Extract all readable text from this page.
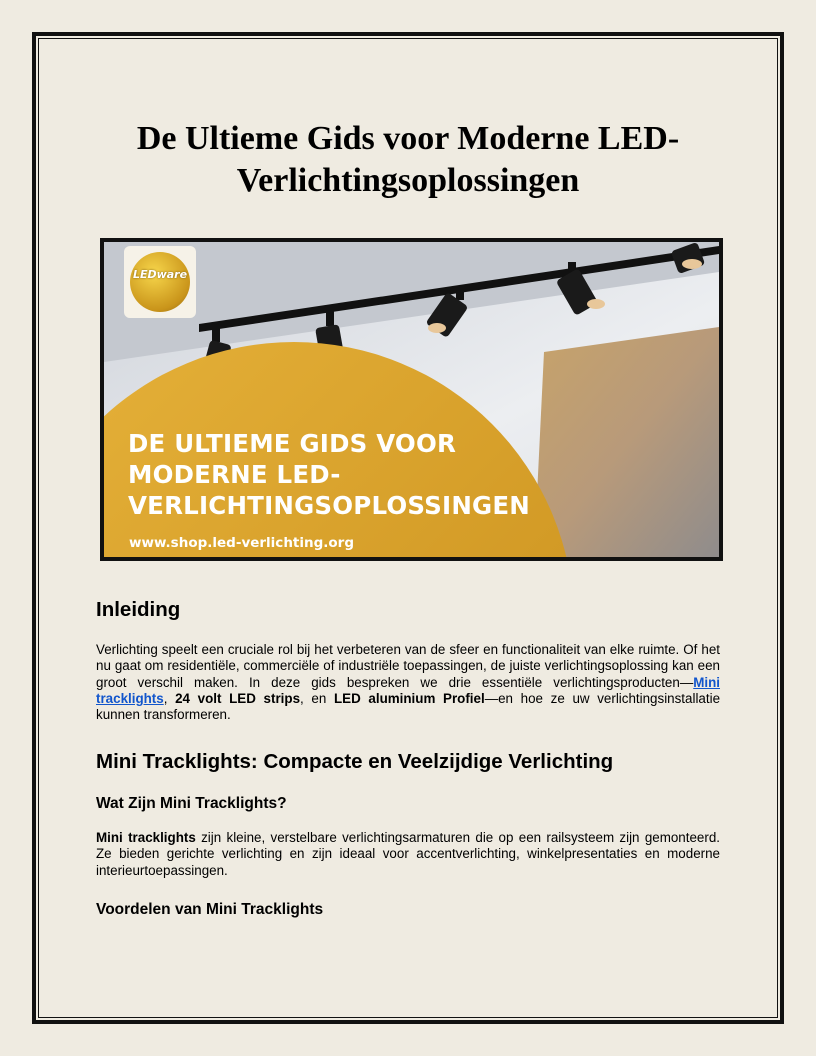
De Ultieme Gids voor Moderne LED-Verlichtingsoplossingen
LEDware

DE ULTIEME GIDS VOOR
MODERNE LED-
VERLICHTINGSOPLOSSINGEN

www.shop.led-verlichting.org
Inleiding

Verlichting speelt een cruciale rol bij het verbeteren van de sfeer en functionaliteit van elke ruimte. Of het nu gaat om residentiële, commerciële of industriële toepassingen, de juiste verlichtingsoplossing kan een groot verschil maken. In deze gids bespreken we drie essentiële verlichtingsproducten—Mini tracklights, 24 volt LED strips, en LED aluminium Profiel—en hoe ze uw verlichtingsinstallatie kunnen transformeren.

Mini Tracklights: Compacte en Veelzijdige Verlichting
Wat Zijn Mini Tracklights?

Mini tracklights zijn kleine, verstelbare verlichtingsarmaturen die op een railsysteem zijn gemonteerd. Ze bieden gerichte verlichting en zijn ideaal voor accentverlichting, winkelpresentaties en moderne interieurtoepassingen.

Voordelen van Mini Tracklights
